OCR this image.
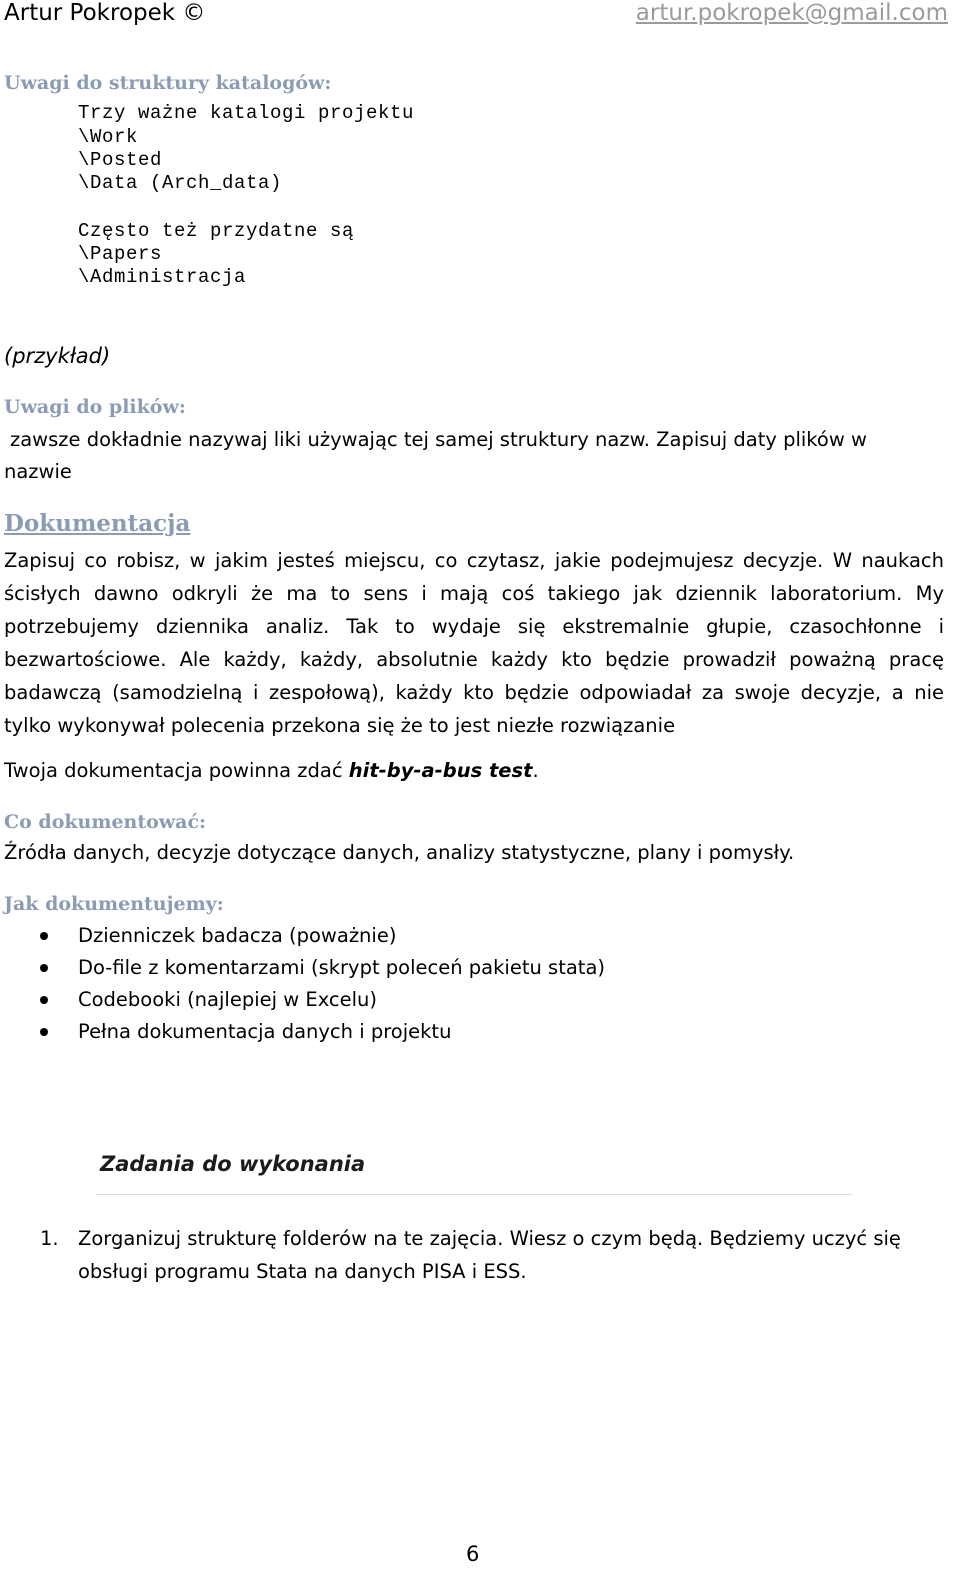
Artur Pokropek ©	artur.pokropek@gmail.com
Uwagi do struktury katalogów:
Trzy ważne katalogi projektu
\Work
\Posted
\Data (Arch_data)
Często też przydatne są
\Papers
\Administracja
(przykład)
Uwagi do plików:
zawsze dokładnie nazywaj liki używając tej samej struktury nazw. Zapisuj daty plików w
nazwie
Dokumentacja
Zapisuj co robisz, w jakim jesteś miejscu, co czytasz, jakie podejmujesz decyzje. W naukach ścisłych dawno odkryli że ma to sens i mają coś takiego jak dziennik laboratorium. My potrzebujemy dziennika analiz. Tak to wydaje się ekstremalnie głupie, czasochłonne i bezwartościowe. Ale każdy, każdy, absolutnie każdy kto będzie prowadził poważną pracę badawczą (samodzielną i zespołową), każdy kto będzie odpowiadał za swoje decyzje, a nie tylko wykonywał polecenia przekona się że to jest niezłe rozwiązanie
Twoja dokumentacja powinna zdać hit-by-a-bus test.
Co dokumentować:
Źródła danych, decyzje dotyczące danych, analizy statystyczne, plany i pomysły.
Jak dokumentujemy:
Dzienniczek badacza (poważnie)
Do-file z komentarzami (skrypt poleceń pakietu stata)
Codebooki (najlepiej w Excelu)
Pełna dokumentacja danych i projektu
Zadania do wykonania
1. Zorganizuj strukturę folderów na te zajęcia. Wiesz o czym będą. Będziemy uczyć się obsługi programu Stata na danych PISA i ESS.
6
